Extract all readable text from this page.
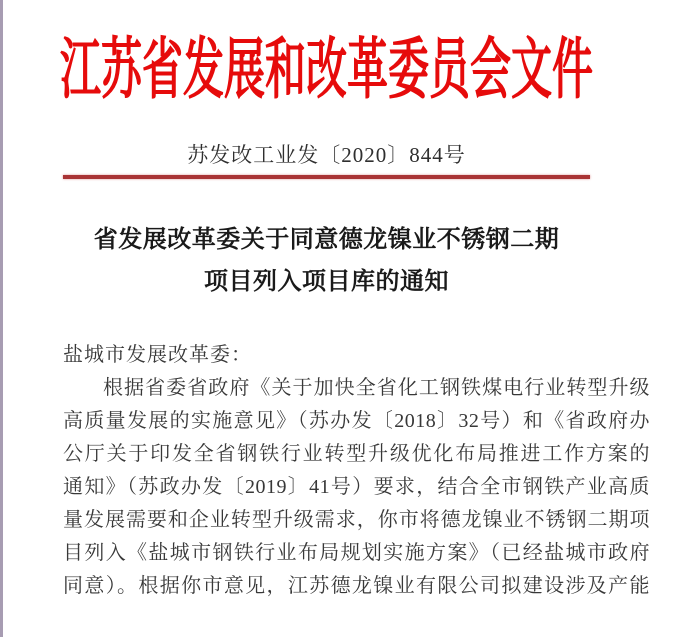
江苏省发展和改革委员会文件
苏发改工业发〔2020〕844号
省发展改革委关于同意德龙镍业不锈钢二期
项目列入项目库的通知
盐城市发展改革委：
根据省委省政府《关于加快全省化工钢铁煤电行业转型升级
高质量发展的实施意见》（苏办发〔2018〕32号）和《省政府办
公厅关于印发全省钢铁行业转型升级优化布局推进工作方案的
通知》（苏政办发〔2019〕41号）要求，结合全市钢铁产业高质
量发展需要和企业转型升级需求，你市将德龙镍业不锈钢二期项
目列入《盐城市钢铁行业布局规划实施方案》（已经盐城市政府
同意）。根据你市意见，江苏德龙镍业有限公司拟建设涉及产能
